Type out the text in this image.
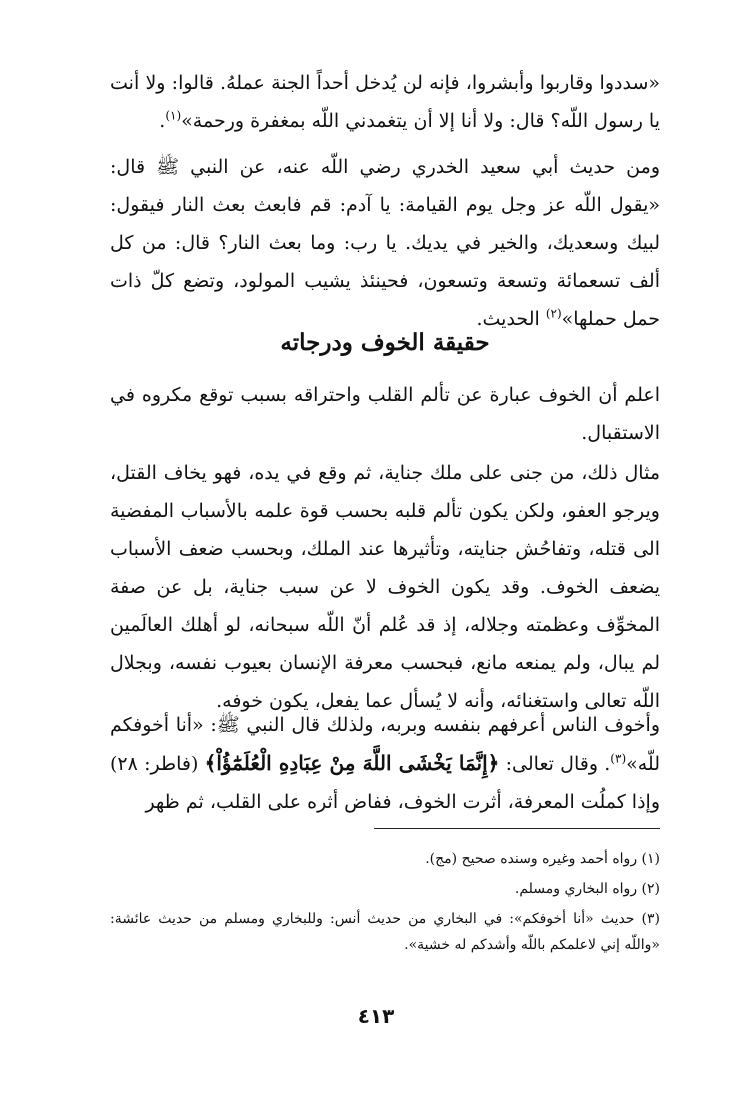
«سددوا وقاربوا وأبشروا، فإنه لن يُدخل أحداً الجنة عملهُ. قالوا: ولا أنت يا رسول اللّه؟ قال: ولا أنا إلا أن يتغمدني اللّه بمغفرة ورحمة»$^{(١)}$.

ومن حديث أبي سعيد الخدري رضي اللّه عنه، عن النبي ﷺ قال: «يقول اللّه عز وجل يوم القيامة: يا آدم: قم فابعث بعث النار فيقول: لبيك وسعديك، والخير في يديك. يا رب: وما بعث النار؟ قال: من كل ألف تسعمائة وتسعة وتسعون، فحينئذ يشيب المولود، وتضع كلّ ذات حمل حملها»$^{(٢)}$ الحديث.

حقيقة الخوف ودرجاته

اعلم أن الخوف عبارة عن تألم القلب واحتراقه بسبب توقع مكروه في الاستقبال.

مثال ذلك، من جنى على ملك جناية، ثم وقع في يده، فهو يخاف القتل، ويرجو العفو، ولكن يكون تألم قلبه بحسب قوة علمه بالأسباب المفضية الى قتله، وتفاحُش جنايته، وتأثيرها عند الملك، وبحسب ضعف الأسباب يضعف الخوف. وقد يكون الخوف لا عن سبب جناية، بل عن صفة المخوِّف وعظمته وجلاله، إذ قد عُلم أنّ اللّه سبحانه، لو أهلك العالَمين لم يبال، ولم يمنعه مانع، فبحسب معرفة الإنسان بعيوب نفسه، وبجلال اللّه تعالى واستغنائه، وأنه لا يُسأل عما يفعل، يكون خوفه.

وأخوف الناس أعرفهم بنفسه وبربه، ولذلك قال النبي ﷺ: «أنا أخوفكم للّه»$^{(٣)}$. وقال تعالى: ﴿إِنَّمَا يَخْشَى اللَّهَ مِنْ عِبَادِهِ الْعُلَمَٰٓؤُاْ﴾ (فاطر: ٢٨) وإذا كملُت المعرفة، أثرت الخوف، ففاض أثره على القلب، ثم ظهر

(١) رواه أحمد وغيره وسنده صحيح (مج).
(٢) رواه البخاري ومسلم.
(٣) حديث «أنا أخوفكم»: في البخاري من حديث أنس: وللبخاري ومسلم من حديث عائشة: «واللّه إني لاعلمكم باللّه وأشدكم له خشية».
٤١٣
